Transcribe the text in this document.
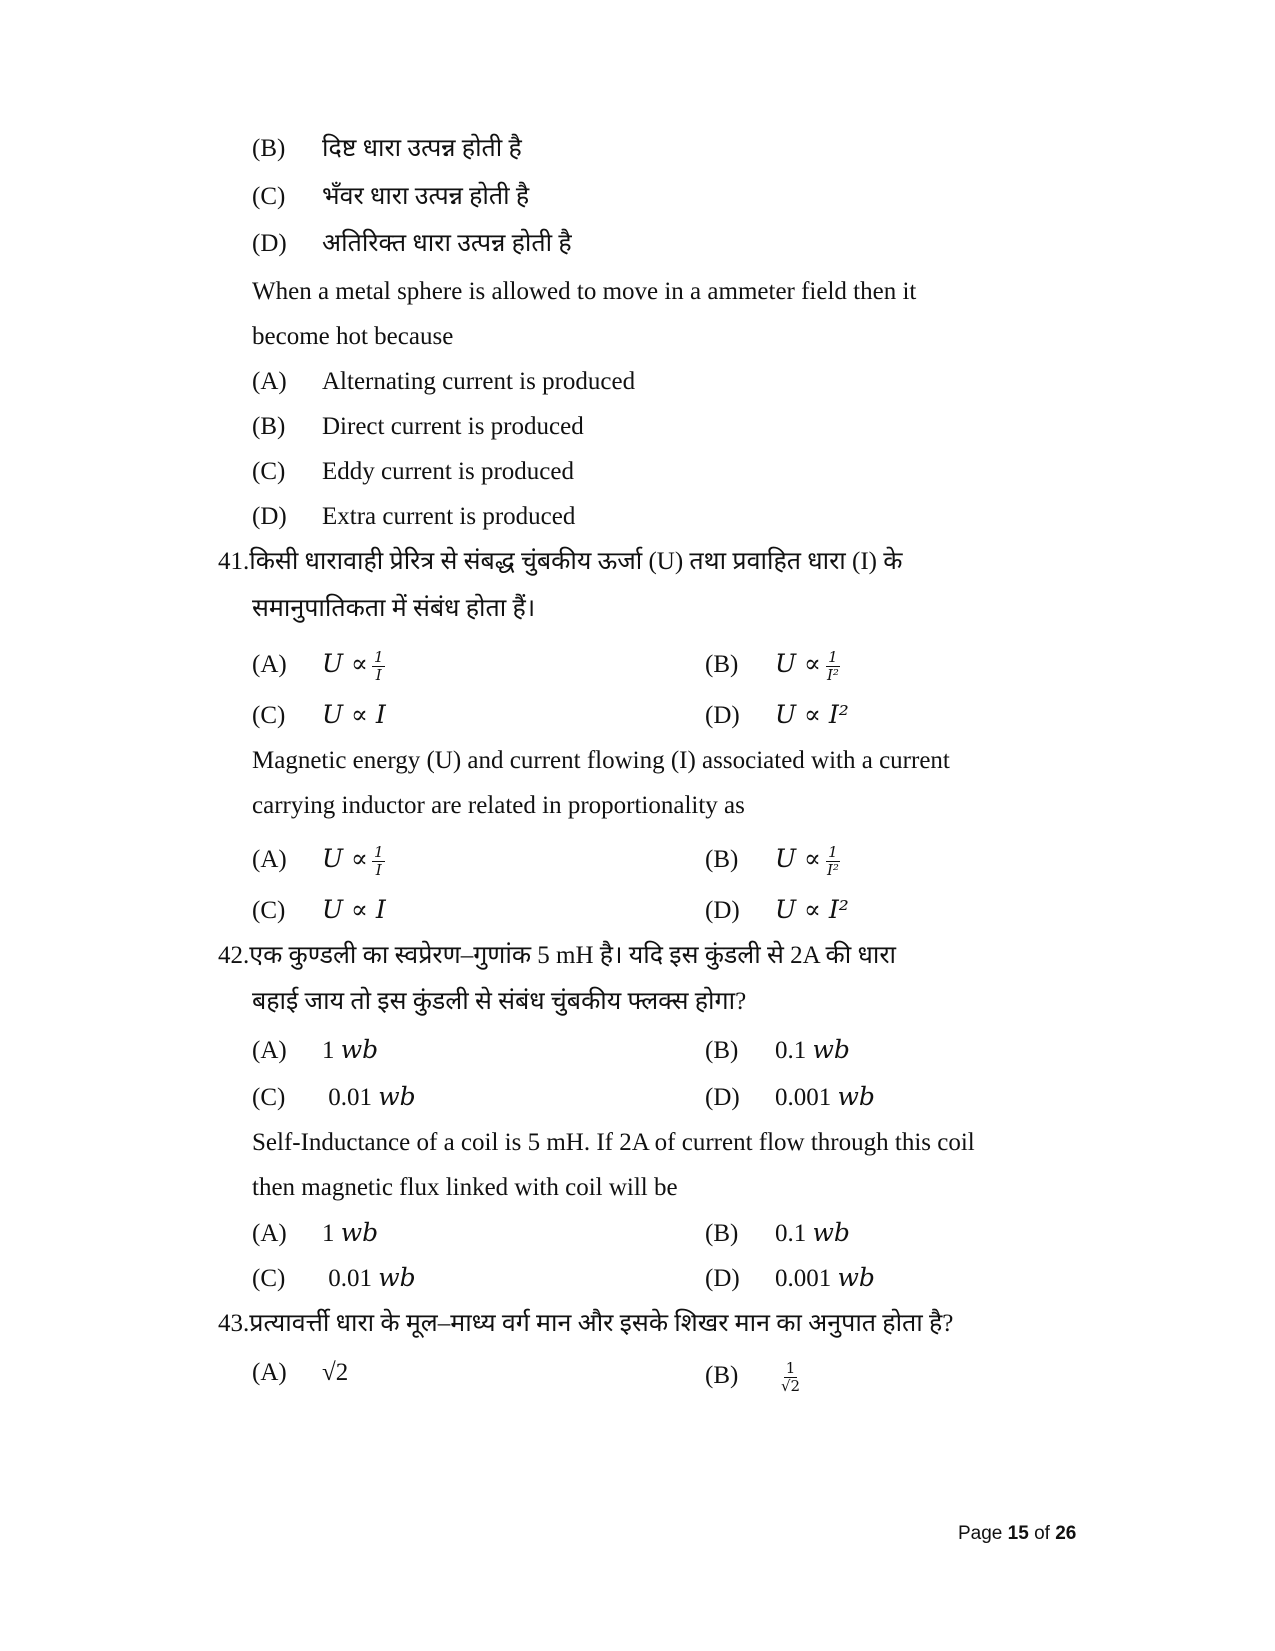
(B) दिष्ट धारा उत्पन्न होती है
(C) भँवर धारा उत्पन्न होती है
(D) अतिरिक्त धारा उत्पन्न होती है
When a metal sphere is allowed to move in a ammeter field then it
become hot because
(A) Alternating current is produced
(B) Direct current is produced
(C) Eddy current is produced
(D) Extra current is produced
41.किसी धारावाही प्रेरित्र से संबद्ध चुंबकीय ऊर्जा (U) तथा प्रवाहित धारा (I) के
समानुपातिकता में संबंध होता हैं।
(A) $U \propto \frac{1}{I}$	(B) $U \propto \frac{1}{\text{I²}}$
(C) U ∝ I	(D) U ∝ I²
Magnetic energy (U) and current flowing (I) associated with a current
carrying inductor are related in proportionality as
(A) $U \propto \frac{1}{I}$	(B) $U \propto \frac{1}{\text{I²}}$
(C) U ∝ I	(D) U ∝ I²
42.एक कुण्डली का स्वप्रेरण–गुणांक 5 mH है। यदि इस कुंडली से 2A की धारा
बहाई जाय तो इस कुंडली से संबंध चुंबकीय फ्लक्स होगा?
(A) 1 wb	(B) 0.1 wb
(C) 0.01 wb	(D) 0.001 wb
Self-Inductance of a coil is 5 mH. If 2A of current flow through this coil
then magnetic flux linked with coil will be
(A) 1 wb	(B) 0.1 wb
(C) 0.01 wb	(D) 0.001 wb
43.प्रत्यावर्त्ती धारा के मूल–माध्य वर्ग मान और इसके शिखर मान का अनुपात होता है?
(A) √2	(B)	$\frac{1}{√2}$
Page 15 of 26
